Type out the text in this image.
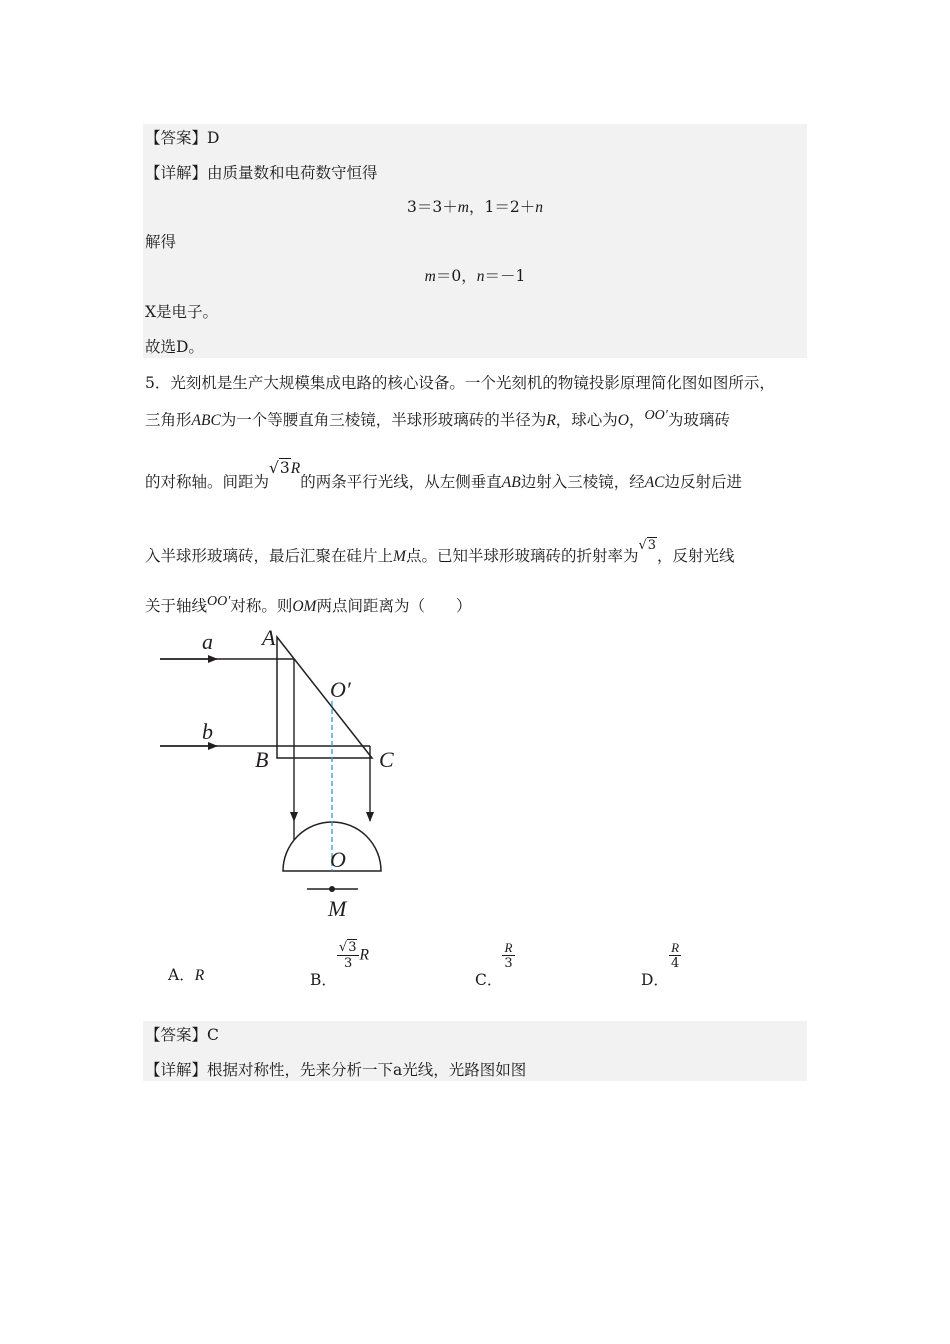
【答案】D
【详解】由质量数和电荷数守恒得
3＝3＋m，1＝2＋n
解得
m＝0，n＝－1
X是电子。
故选D。
5．光刻机是生产大规模集成电路的核心设备。一个光刻机的物镜投影原理简化图如图所示，
三角形ABC为一个等腰直角三棱镜，半球形玻璃砖的半径为R，球心为O，OO′为玻璃砖
的对称轴。间距为√3R的两条平行光线，从左侧垂直AB边射入三棱镜，经AC边反射后进
入半球形玻璃砖，最后汇聚在硅片上M点。已知半球形玻璃砖的折射率为$^{√3}$，反射光线
关于轴线OO′对称。则OM两点间距离为（　　）
a
b
A
B	C
O′
O
M
A．R	B．
$\frac{√3}{3}$ R
C．
$\frac{R}{3}$
D．
$\frac{R}{4}$
【答案】C
【详解】根据对称性，先来分析一下a光线，光路图如图
